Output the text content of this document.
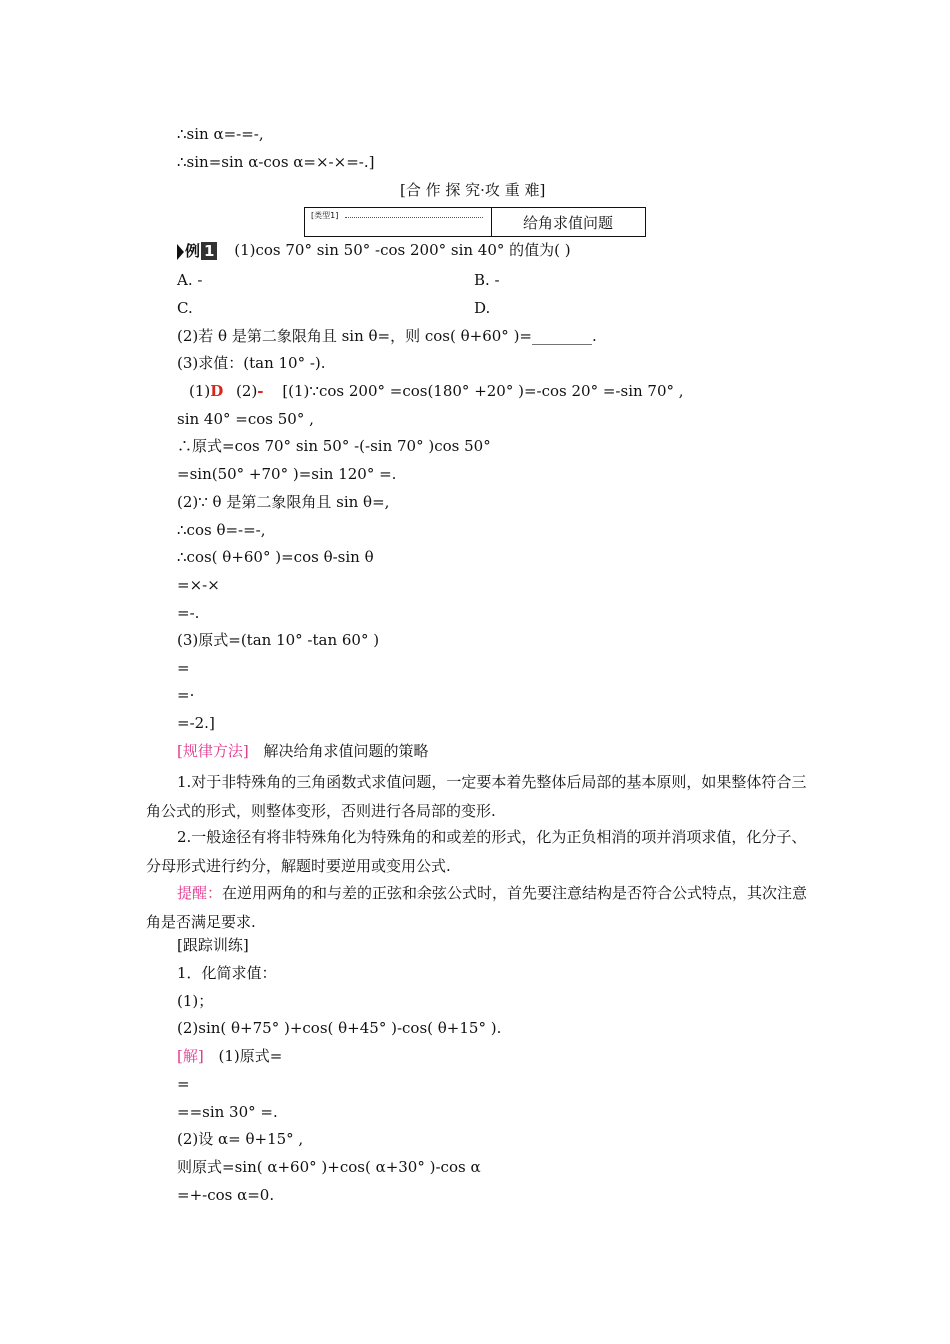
∴sin α=-=-,
∴sin=sin α-cos α=×-×=-.]
[合 作 探 究·攻 重 难]
[类型1]	给角求值问题
例 1 (1)cos 70° sin 50° -cos 200° sin 40° 的值为( )
A. -	B. -
C.	D.
(2)若 θ 是第二象限角且 sin θ=，则 cos( θ+60° )=________.
(3)求值：(tan 10° -).
(1)D (2)- [(1)∵cos 200° =cos(180° +20° )=-cos 20° =-sin 70° ,
sin 40° =cos 50° ,
∴原式=cos 70° sin 50° -(-sin 70° )cos 50°
=sin(50° +70° )=sin 120° =.
(2)∵ θ 是第二象限角且 sin θ=,
∴cos θ=-=-,
∴cos( θ+60° )=cos θ-sin θ
=×-×
=-.
(3)原式=(tan 10° -tan 60° )
=
=·
=-2.]
[规律方法] 解决给角求值问题的策略
1.对于非特殊角的三角函数式求值问题，一定要本着先整体后局部的基本原则，如果整体符合三角公式的形式，则整体变形，否则进行各局部的变形.
2.一般途径有将非特殊角化为特殊角的和或差的形式，化为正负相消的项并消项求值，化分子、分母形式进行约分，解题时要逆用或变用公式.
提醒：在逆用两角的和与差的正弦和余弦公式时，首先要注意结构是否符合公式特点，其次注意角是否满足要求.
[跟踪训练]
1．化简求值：
(1)；
(2)sin( θ+75° )+cos( θ+45° )-cos( θ+15° ).
[解] (1)原式=
=
==sin 30° =.
(2)设 α= θ+15° ,
则原式=sin( α+60° )+cos( α+30° )-cos α
=+-cos α=0.
